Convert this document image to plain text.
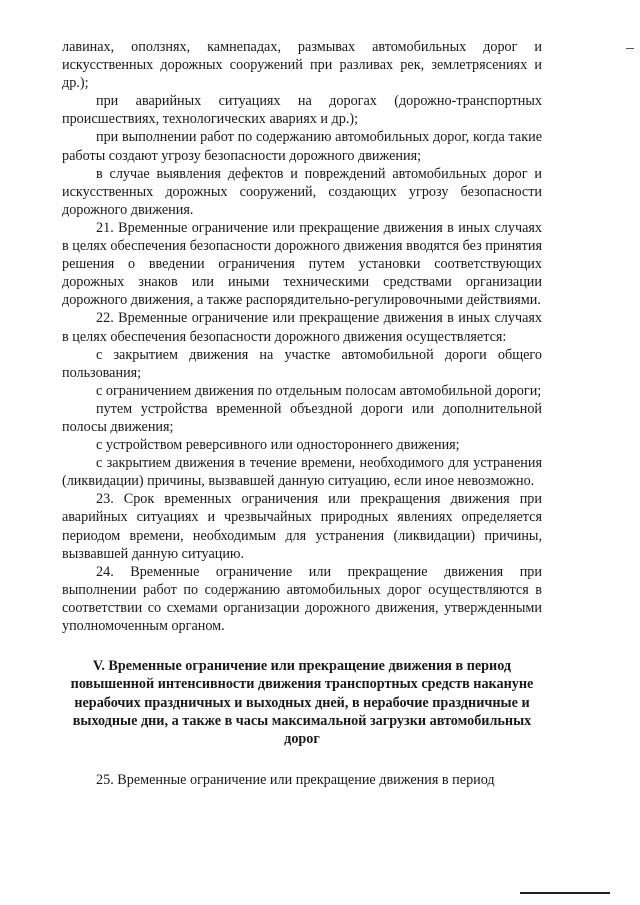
лавинах, оползнях, камнепадах, размывах автомобильных дорог и искусственных дорожных сооружений при разливах рек, землетрясениях и др.);

при аварийных ситуациях на дорогах (дорожно-транспортных происшествиях, технологических авариях и др.);

при выполнении работ по содержанию автомобильных дорог, когда такие работы создают угрозу безопасности дорожного движения;

в случае выявления дефектов и повреждений автомобильных дорог и искусственных дорожных сооружений, создающих угрозу безопасности дорожного движения.

21. Временные ограничение или прекращение движения в иных случаях в целях обеспечения безопасности дорожного движения вводятся без принятия решения о введении ограничения путем установки соответствующих дорожных знаков или иными техническими средствами организации дорожного движения, а также распорядительно-регулировочными действиями.

22. Временные ограничение или прекращение движения в иных случаях в целях обеспечения безопасности дорожного движения осуществляется:

с закрытием движения на участке автомобильной дороги общего пользования;

с ограничением движения по отдельным полосам автомобильной дороги;

путем устройства временной объездной дороги или дополнительной полосы движения;

с устройством реверсивного или одностороннего движения;

с закрытием движения в течение времени, необходимого для устранения (ликвидации) причины, вызвавшей данную ситуацию, если иное невозможно.

23. Срок временных ограничения или прекращения движения при аварийных ситуациях и чрезвычайных природных явлениях определяется периодом времени, необходимым для устранения (ликвидации) причины, вызвавшей данную ситуацию.

24. Временные ограничение или прекращение движения при выполнении работ по содержанию автомобильных дорог осуществляются в соответствии со схемами организации дорожного движения, утвержденными уполномоченным органом.

V. Временные ограничение или прекращение движения в период повышенной интенсивности движения транспортных средств накануне нерабочих праздничных и выходных дней, в нерабочие праздничные и выходные дни, а также в часы максимальной загрузки автомобильных дорог

25. Временные ограничение или прекращение движения в период
